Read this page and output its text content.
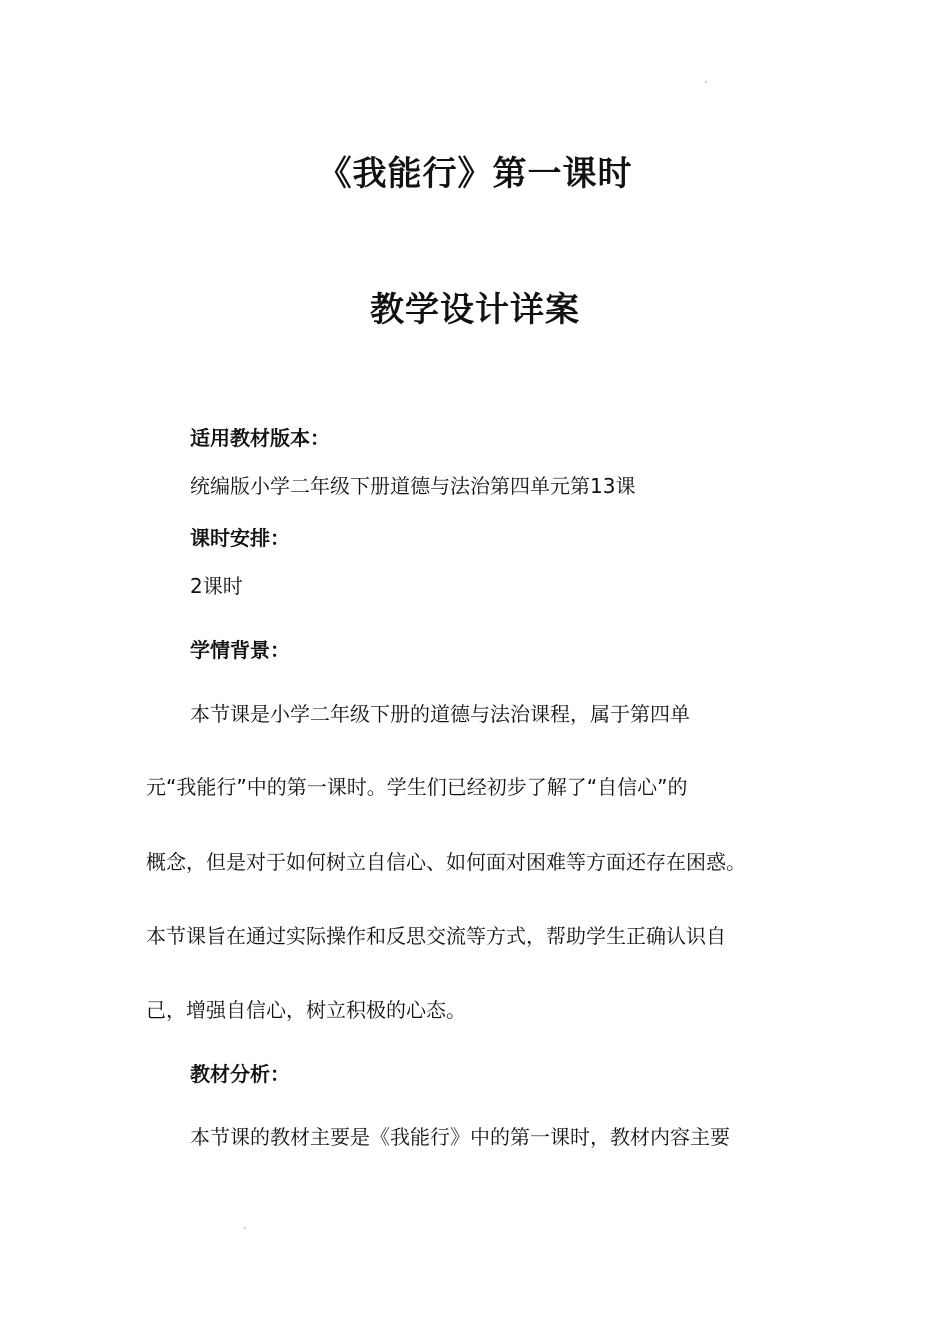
《我能行》第一课时
教学设计详案

适用教材版本：

统编版小学二年级下册道德与法治第四单元第13课

课时安排：

2课时

学情背景：

本节课是小学二年级下册的道德与法治课程，属于第四单

元“我能行”中的第一课时。学生们已经初步了解了“自信心”的

概念，但是对于如何树立自信心、如何面对困难等方面还存在困惑。

本节课旨在通过实际操作和反思交流等方式，帮助学生正确认识自

己，增强自信心，树立积极的心态。

教材分析：

本节课的教材主要是《我能行》中的第一课时，教材内容主要
